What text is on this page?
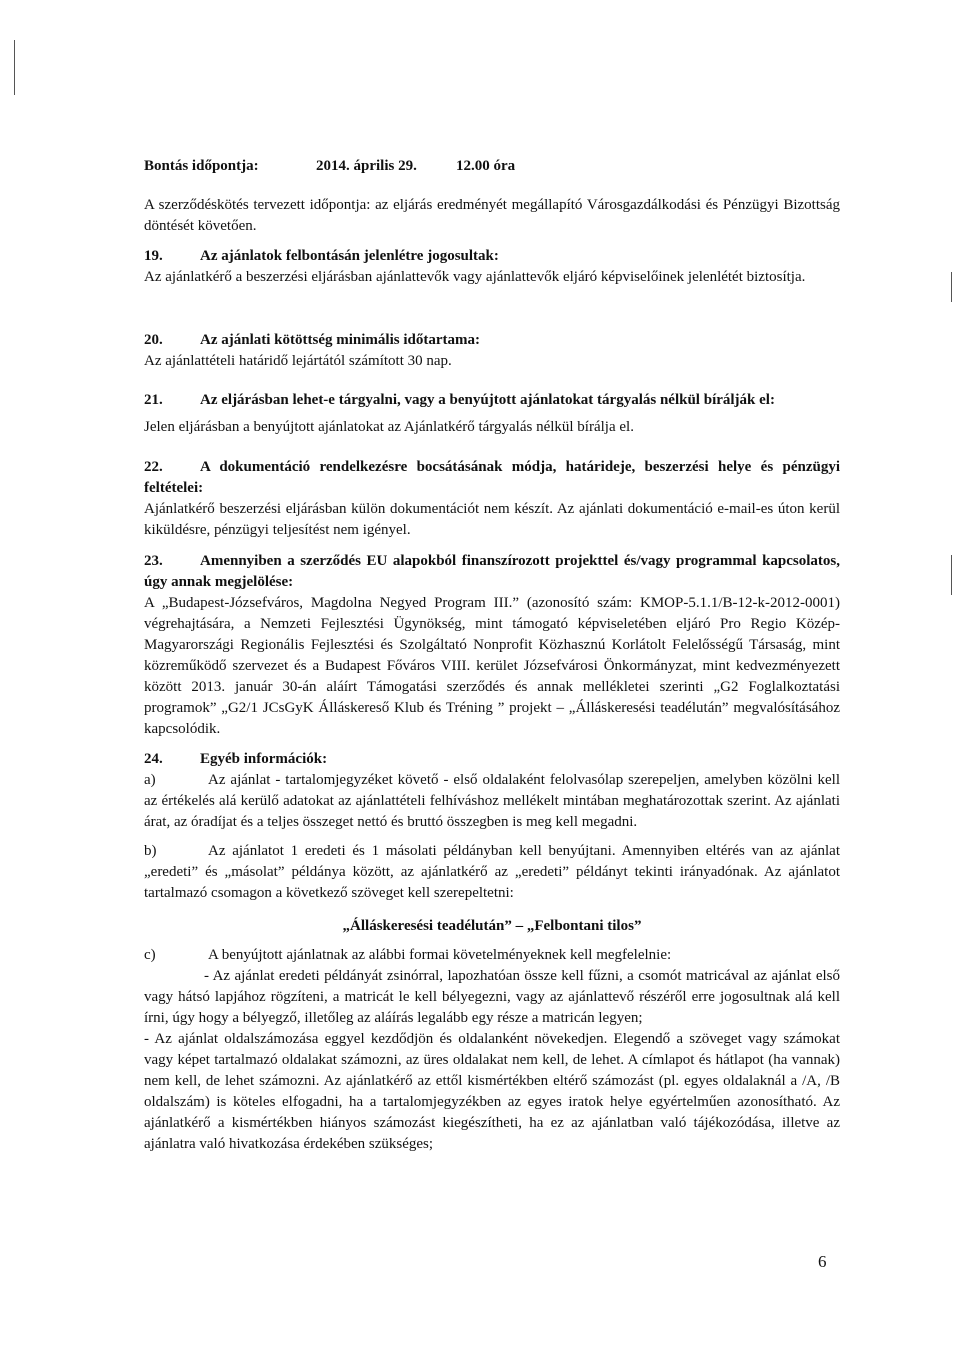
Bontás időpontja:	2014. április 29.	12.00 óra
A szerződéskötés tervezett időpontja: az eljárás eredményét megállapító Városgazdálkodási és Pénzügyi Bizottság döntését követően.
19. Az ajánlatok felbontásán jelenlétre jogosultak:
Az ajánlatkérő a beszerzési eljárásban ajánlattevők vagy ajánlattevők eljáró képviselőinek jelenlétét biztosítja.
20. Az ajánlati kötöttség minimális időtartama:
Az ajánlattételi határidő lejártától számított 30 nap.
21. Az eljárásban lehet-e tárgyalni, vagy a benyújtott ajánlatokat tárgyalás nélkül bírálják el:
Jelen eljárásban a benyújtott ajánlatokat az Ajánlatkérő tárgyalás nélkül bírálja el.
22. A dokumentáció rendelkezésre bocsátásának módja, határideje, beszerzési helye és pénzügyi feltételei:
Ajánlatkérő beszerzési eljárásban külön dokumentációt nem készít. Az ajánlati dokumentáció e-mail-es úton kerül kiküldésre, pénzügyi teljesítést nem igényel.
23. Amennyiben a szerződés EU alapokból finanszírozott projekttel és/vagy programmal kapcsolatos, úgy annak megjelölése:
A „Budapest-Józsefváros, Magdolna Negyed Program III.” (azonosító szám: KMOP-5.1.1/B-12-k-2012-0001) végrehajtására, a Nemzeti Fejlesztési Ügynökség, mint támogató képviseletében eljáró Pro Regio Közép-Magyarországi Regionális Fejlesztési és Szolgáltató Nonprofit Közhasznú Korlátolt Felelősségű Társaság, mint közreműködő szervezet és a Budapest Főváros VIII. kerület Józsefvárosi Önkormányzat, mint kedvezményezett között 2013. január 30-án aláírt Támogatási szerződés és annak mellékletei szerinti „G2 Foglalkoztatási programok” „G2/1 JCsGyK Álláskereső Klub és Tréning ” projekt – „Álláskeresési teadélután” megvalósításához kapcsolódik.
24. Egyéb információk:
a)	Az ajánlat - tartalomjegyzéket követő - első oldalaként felolvasólap szerepeljen, amelyben közölni kell az értékelés alá kerülő adatokat az ajánlattételi felhíváshoz mellékelt mintában meghatározottak szerint. Az ajánlati árat, az óradíjat és a teljes összeget nettó és bruttó összegben is meg kell megadni.
b)	Az ajánlatot 1 eredeti és 1 másolati példányban kell benyújtani. Amennyiben eltérés van az ajánlat „eredeti” és „másolat” példánya között, az ajánlatkérő az „eredeti” példányt tekinti irányadónak. Az ajánlatot tartalmazó csomagon a következő szöveget kell szerepeltetni:
„Álláskeresési teadélután” – „Felbontani tilos”
c)	A benyújtott ajánlatnak az alábbi formai követelményeknek kell megfelelnie:
- Az ajánlat eredeti példányát zsinórral, lapozhatóan össze kell fűzni, a csomót matricával az ajánlat első vagy hátsó lapjához rögzíteni, a matricát le kell bélyegezni, vagy az ajánlattevő részéről erre jogosultnak alá kell írni, úgy hogy a bélyegző, illetőleg az aláírás legalább egy része a matricán legyen;
- Az ajánlat oldalszámozása eggyel kezdődjön és oldalanként növekedjen. Elegendő a szöveget vagy számokat vagy képet tartalmazó oldalakat számozni, az üres oldalakat nem kell, de lehet. A címlapot és hátlapot (ha vannak) nem kell, de lehet számozni. Az ajánlatkérő az ettől kismértékben eltérő számozást (pl. egyes oldalaknál a /A, /B oldalszám) is köteles elfogadni, ha a tartalomjegyzékben az egyes iratok helye egyértelműen azonosítható. Az ajánlatkérő a kismértékben hiányos számozást kiegészítheti, ha ez az ajánlatban való tájékozódása, illetve az ajánlatra való hivatkozása érdekében szükséges;
6
